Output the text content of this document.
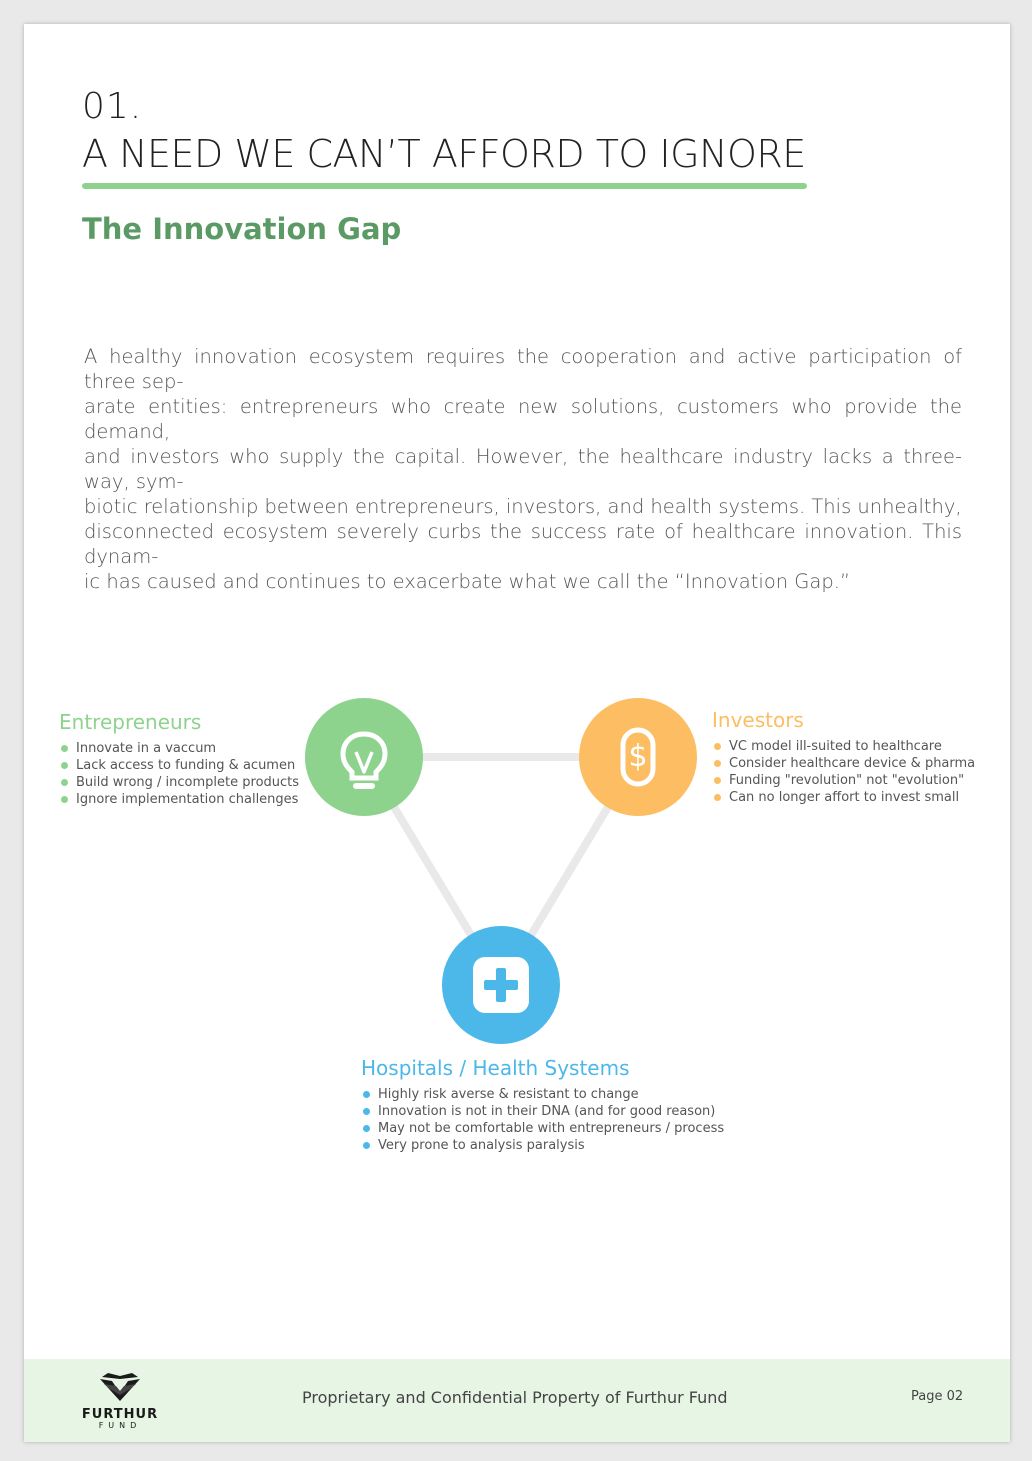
01.
A NEED WE CAN’T AFFORD TO IGNORE
The Innovation Gap
A healthy innovation ecosystem requires the cooperation and active participation of three sep-
arate entities: entrepreneurs who create new solutions, customers who provide the demand,
and investors who supply the capital. However, the healthcare industry lacks a three-way, sym-
biotic relationship between entrepreneurs, investors, and health systems. This unhealthy,
disconnected ecosystem severely curbs the success rate of healthcare innovation. This dynam-
ic has caused and continues to exacerbate what we call the “Innovation Gap.”
$
Entrepreneurs
Innovate in a vaccum
Lack access to funding & acumen
Build wrong / incomplete products
Ignore implementation challenges
Investors
VC model ill-suited to healthcare
Consider healthcare device & pharma
Funding "revolution" not "evolution"
Can no longer affort to invest small
Hospitals / Health Systems
Highly risk averse & resistant to change
Innovation is not in their DNA (and for good reason)
May not be comfortable with entrepreneurs / process
Very prone to analysis paralysis
FURTHUR
FUND
Proprietary and Confidential Property of Furthur Fund	Page 02
